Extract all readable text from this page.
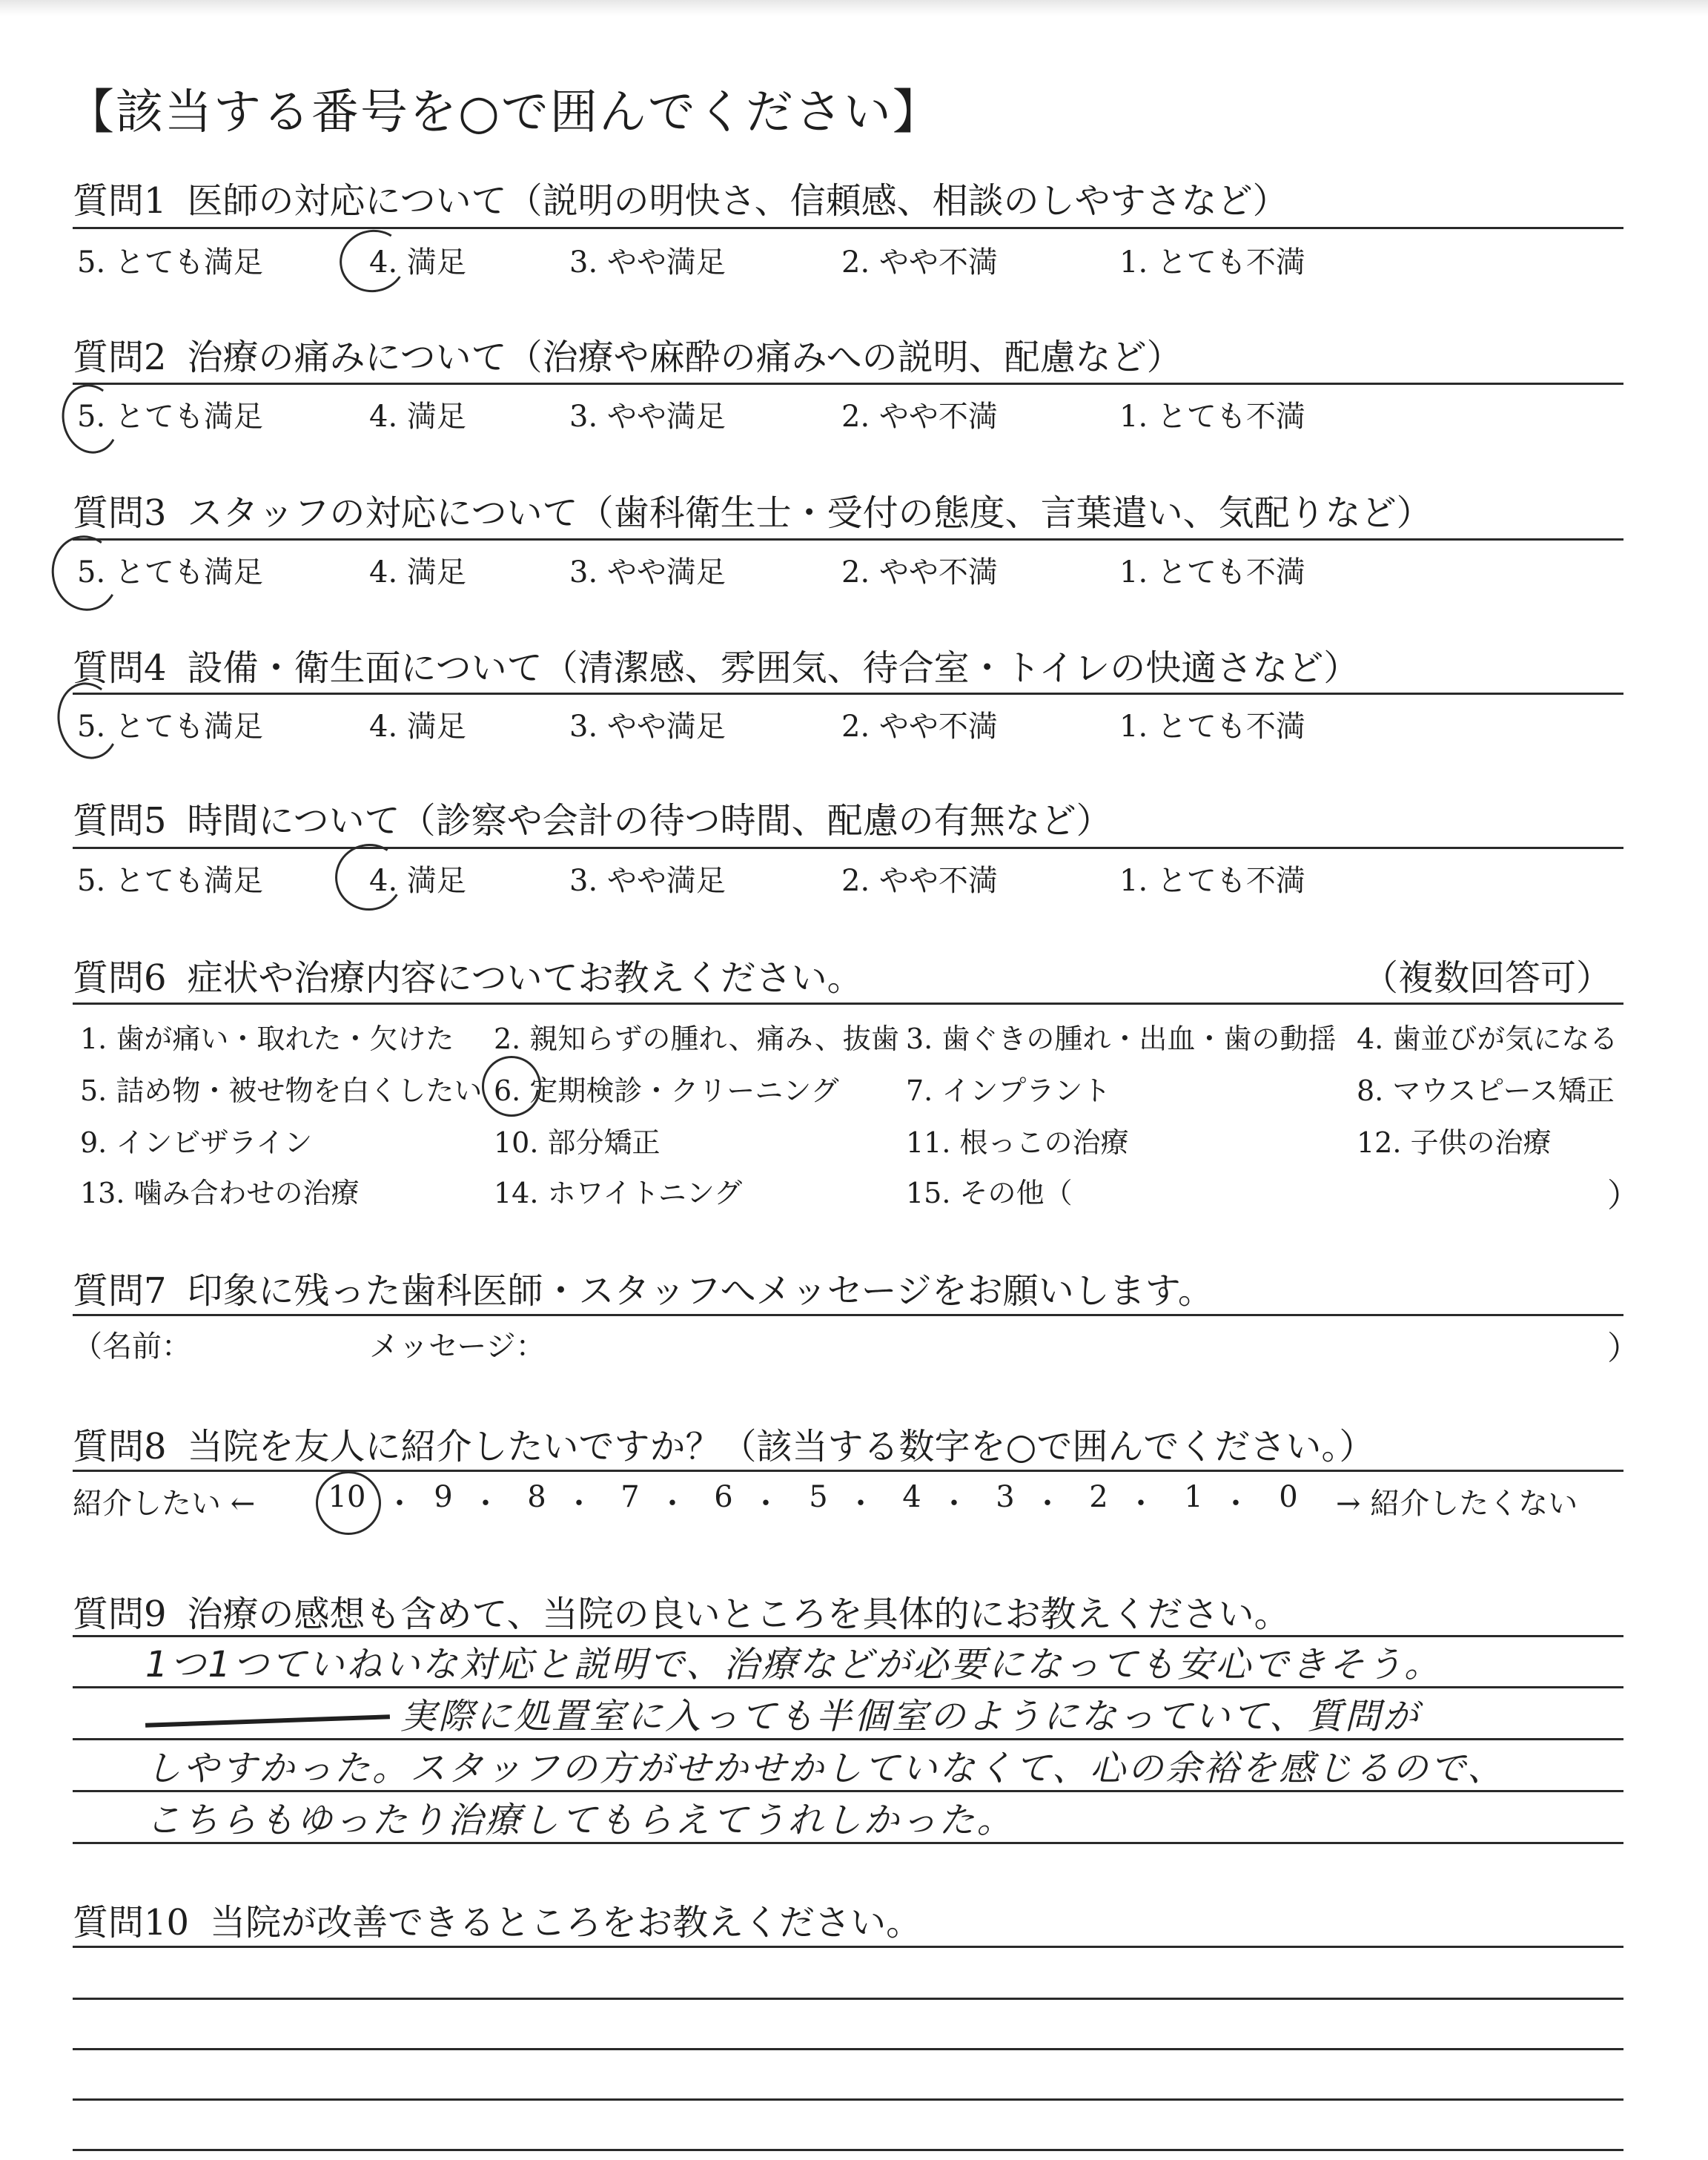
【該当する番号を○で囲んでください】
質問1 医師の対応について（説明の明快さ、信頼感、相談のしやすさなど）
5. とても満足	4. 満足	3. やや満足	2. やや不満	1. とても不満
質問2 治療の痛みについて（治療や麻酔の痛みへの説明、配慮など）
5. とても満足	4. 満足	3. やや満足	2. やや不満	1. とても不満
質問3 スタッフの対応について（歯科衛生士・受付の態度、言葉遣い、気配りなど）
5. とても満足	4. 満足	3. やや満足	2. やや不満	1. とても不満
質問4 設備・衛生面について（清潔感、雰囲気、待合室・トイレの快適さなど）
5. とても満足	4. 満足	3. やや満足	2. やや不満	1. とても不満
質問5 時間について（診察や会計の待つ時間、配慮の有無など）
5. とても満足	4. 満足	3. やや満足	2. やや不満	1. とても不満
質問6 症状や治療内容についてお教えください。	（複数回答可）
1. 歯が痛い・取れた・欠けた 2. 親知らずの腫れ、痛み、抜歯 3. 歯ぐきの腫れ・出血・歯の動揺 4. 歯並びが気になる
5. 詰め物・被せ物を白くしたい 6. 定期検診・クリーニング 7. インプラント	8. マウスピース矯正
9. インビザライン	10. 部分矯正	11. 根っこの治療	12. 子供の治療
13. 噛み合わせの治療	14. ホワイトニング	15. その他（	）
質問7 印象に残った歯科医師・スタッフへメッセージをお願いします。
（名前：	メッセージ：	）
質問8 当院を友人に紹介したいですか？（該当する数字を○で囲んでください。）
紹介したい ← 10 ・ 9 ・ 8 ・ 7 ・ 6 ・ 5 ・ 4 ・ 3 ・ 2 ・ 1 ・ 0 → 紹介したくない
質問9 治療の感想も含めて、当院の良いところを具体的にお教えください。
1つ1つていねいな対応と説明で、治療などが必要になっても安心できそう。
実際に処置室に入っても半個室のようになっていて、質問が
しやすかった。スタッフの方がせかせかしていなくて、心の余裕を感じるので、
こちらもゆったり治療してもらえてうれしかった。
質問10 当院が改善できるところをお教えください。
